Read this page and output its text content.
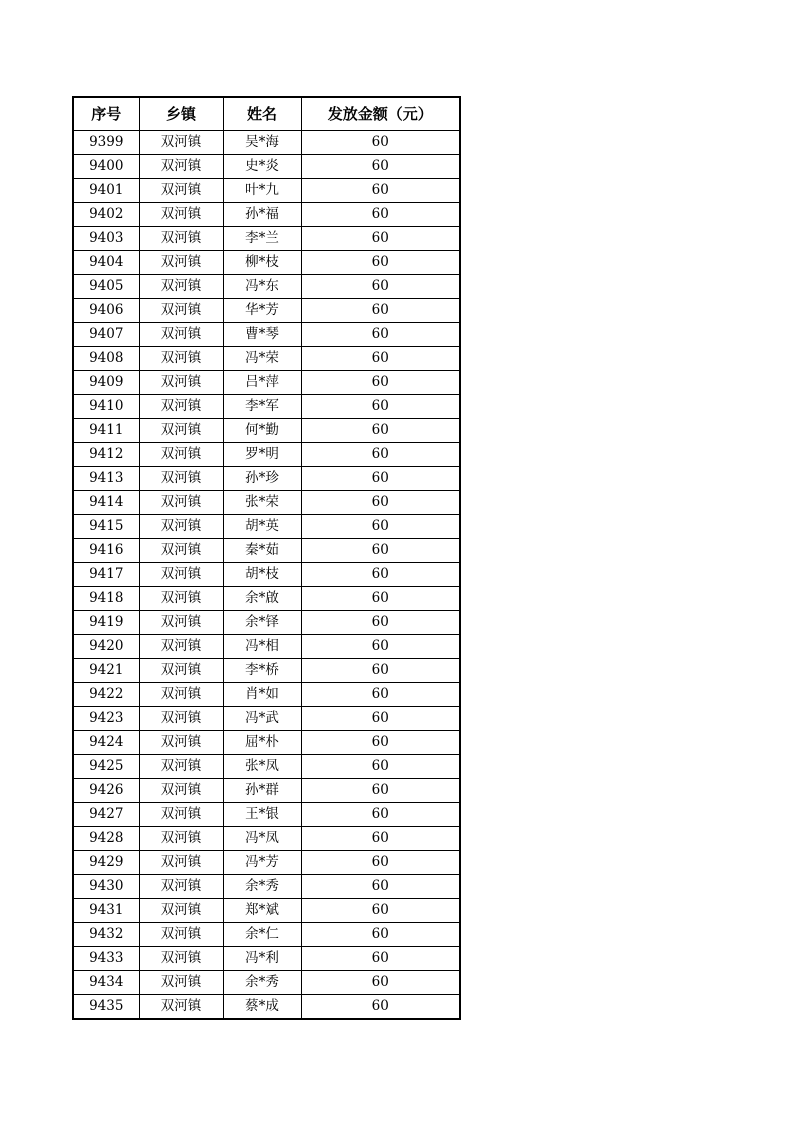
序号	乡镇	姓名	发放金额（元）
9399	双河镇	吴*海	60
9400	双河镇	史*炎	60
9401	双河镇	叶*九	60
9402	双河镇	孙*福	60
9403	双河镇	李*兰	60
9404	双河镇	柳*枝	60
9405	双河镇	冯*东	60
9406	双河镇	华*芳	60
9407	双河镇	曹*琴	60
9408	双河镇	冯*荣	60
9409	双河镇	吕*萍	60
9410	双河镇	李*军	60
9411	双河镇	何*勤	60
9412	双河镇	罗*明	60
9413	双河镇	孙*珍	60
9414	双河镇	张*荣	60
9415	双河镇	胡*英	60
9416	双河镇	秦*茹	60
9417	双河镇	胡*枝	60
9418	双河镇	余*啟	60
9419	双河镇	余*铎	60
9420	双河镇	冯*相	60
9421	双河镇	李*桥	60
9422	双河镇	肖*如	60
9423	双河镇	冯*武	60
9424	双河镇	屈*朴	60
9425	双河镇	张*凤	60
9426	双河镇	孙*群	60
9427	双河镇	王*银	60
9428	双河镇	冯*凤	60
9429	双河镇	冯*芳	60
9430	双河镇	余*秀	60
9431	双河镇	郑*斌	60
9432	双河镇	余*仁	60
9433	双河镇	冯*利	60
9434	双河镇	余*秀	60
9435	双河镇	蔡*成	60
